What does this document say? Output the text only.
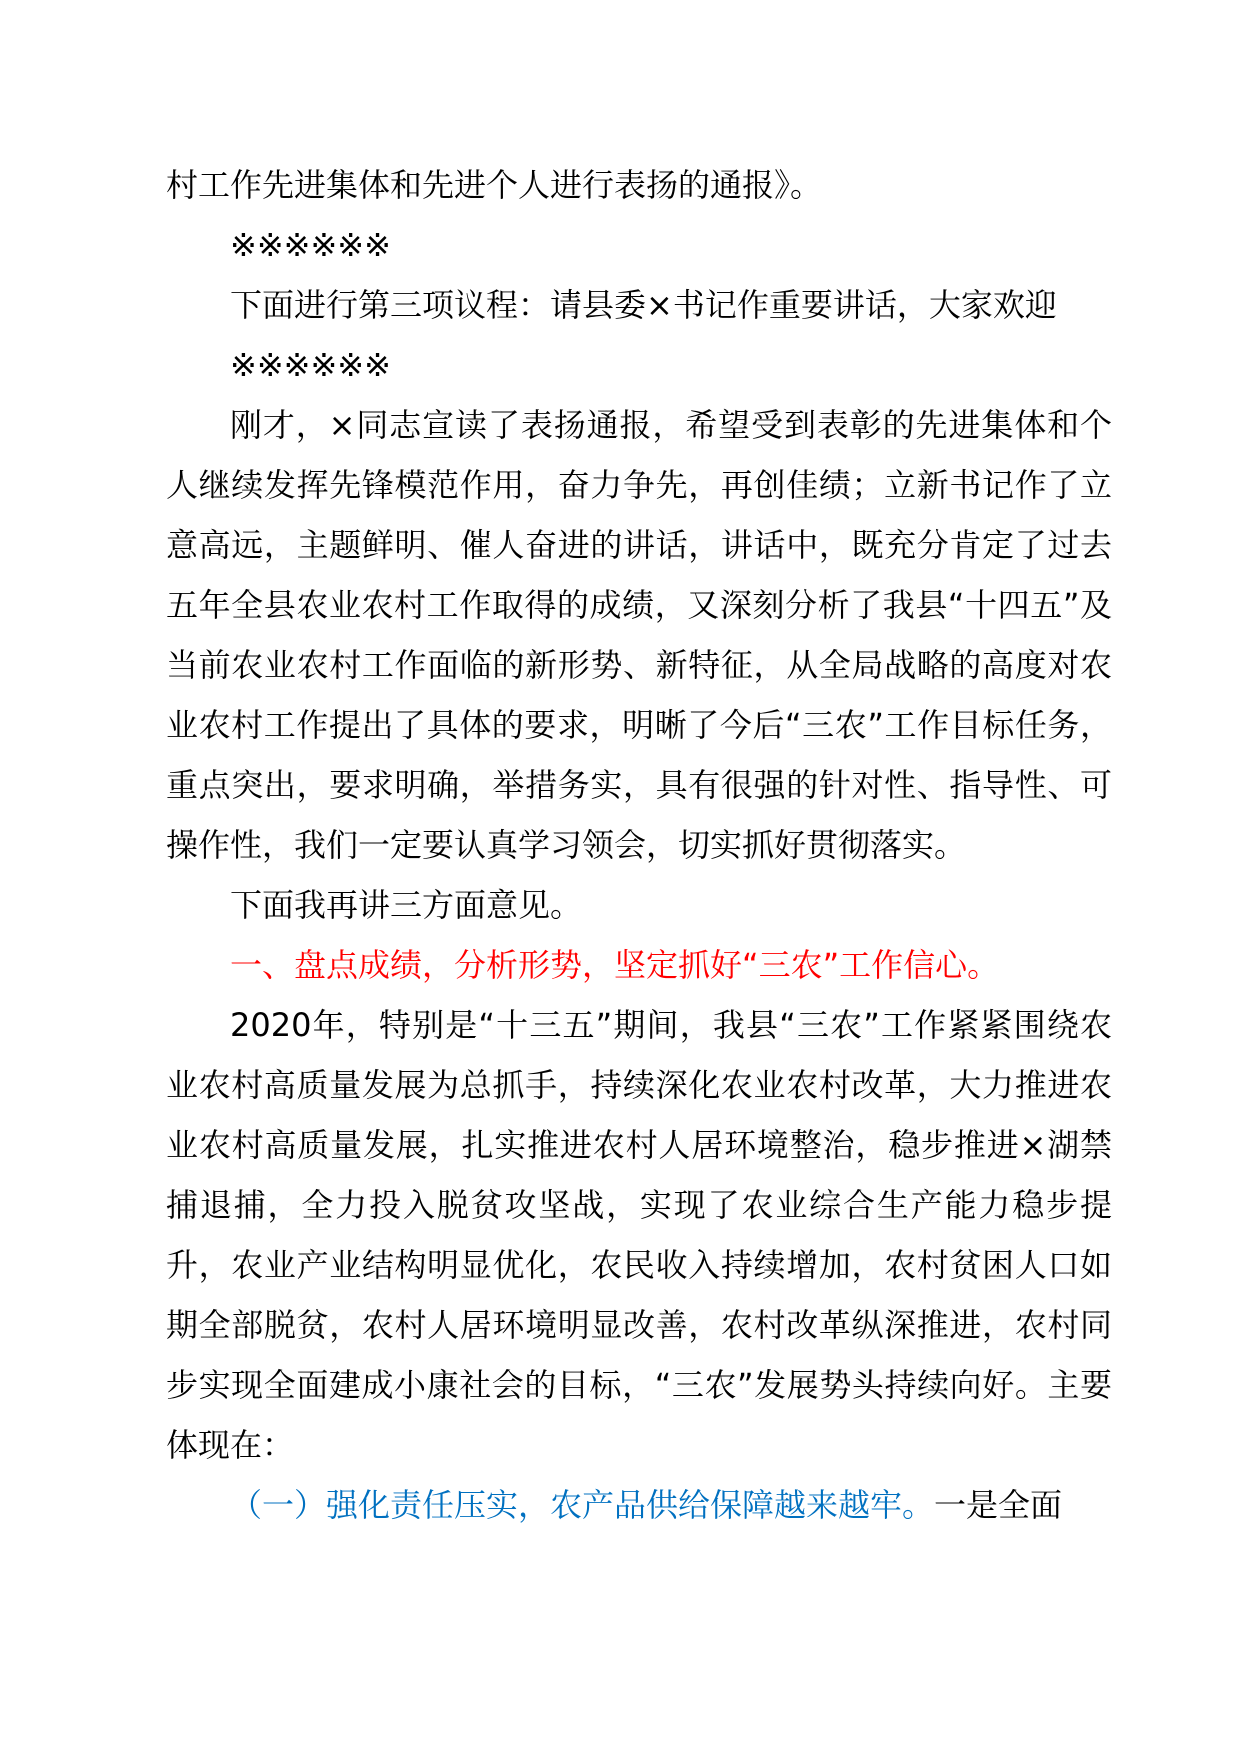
村工作先进集体和先进个人进行表扬的通报》。

※※※※※※

下面进行第三项议程：请县委×书记作重要讲话，大家欢迎

※※※※※※

刚才，×同志宣读了表扬通报，希望受到表彰的先进集体和个人继续发挥先锋模范作用，奋力争先，再创佳绩；立新书记作了立意高远，主题鲜明、催人奋进的讲话，讲话中，既充分肯定了过去五年全县农业农村工作取得的成绩，又深刻分析了我县“十四五”及当前农业农村工作面临的新形势、新特征，从全局战略的高度对农业农村工作提出了具体的要求，明晰了今后“三农”工作目标任务，重点突出，要求明确，举措务实，具有很强的针对性、指导性、可操作性，我们一定要认真学习领会，切实抓好贯彻落实。

下面我再讲三方面意见。

一、盘点成绩，分析形势，坚定抓好“三农”工作信心。

2020年，特别是“十三五”期间，我县“三农”工作紧紧围绕农业农村高质量发展为总抓手，持续深化农业农村改革，大力推进农业农村高质量发展，扎实推进农村人居环境整治，稳步推进×湖禁捕退捕，全力投入脱贫攻坚战，实现了农业综合生产能力稳步提升，农业产业结构明显优化，农民收入持续增加，农村贫困人口如期全部脱贫，农村人居环境明显改善，农村改革纵深推进，农村同步实现全面建成小康社会的目标，“三农”发展势头持续向好。主要体现在：

（一）强化责任压实，农产品供给保障越来越牢。一是全面
